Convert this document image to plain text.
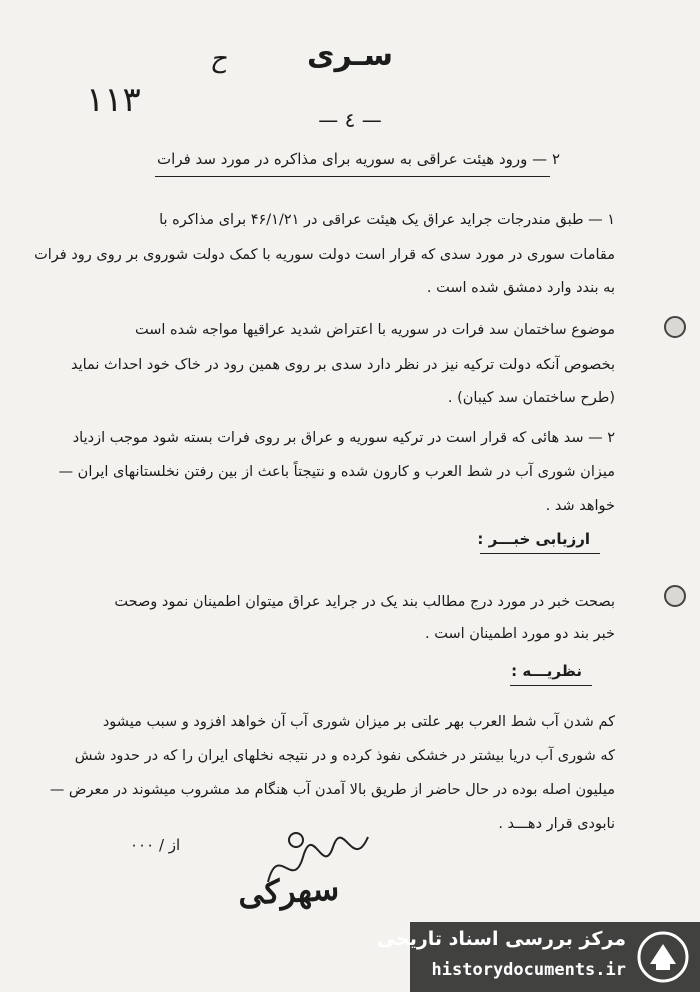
سـری
ح
۱۱۳	— ٤ —
۲ — ورود هیئت عراقی به سوریه برای مذاکره در مورد سد فرات
۱ — طبق مندرجات جراید عراق یک هیئت عراقی در ۴۶/۱/۲۱ برای مذاکره با
مقامات سوری در مورد سدی که قرار است دولت سوریه با کمک دولت شوروی بر روی رود فرات
به بندد وارد دمشق شده است .
موضوع ساختمان سد فرات در سوریه با اعتراض شدید عراقیها مواجه شده است
بخصوص آنکه دولت ترکیه نیز در نظر دارد سدی بر روی همین رود در خاک خود احداث نماید
(طرح ساختمان سد کیبان) .
۲ — سد هائی که قرار است در ترکیه سوریه و عراق بر روی فرات بسته شود موجب ازدیاد
میزان شوری آب در شط العرب و کارون شده و نتیجتاً باعث از بین رفتن نخلستانهای ایران —
خواهد شد .
ارزیابی خبـــر :
بصحت خبر در مورد درج مطالب بند یک در جراید عراق میتوان اطمینان نمود وصحت
خبر بند دو مورد اطمینان است .
نظریـــه :
کم شدن آب شط العرب بهر علتی بر میزان شوری آب آن خواهد افزود و سبب میشود
که شوری آب دریا بیشتر در خشکی نفوذ کرده و در نتیجه نخلهای ایران را که در حدود شش
میلیون اصله بوده در حال حاضر از طریق بالا آمدن آب هنگام مد مشروب میشوند در معرض —
نابودی قرار دهـــد .
از / ۰۰۰
سهرکی
مرکز بررسی اسناد تاریخی
historydocuments.ir
